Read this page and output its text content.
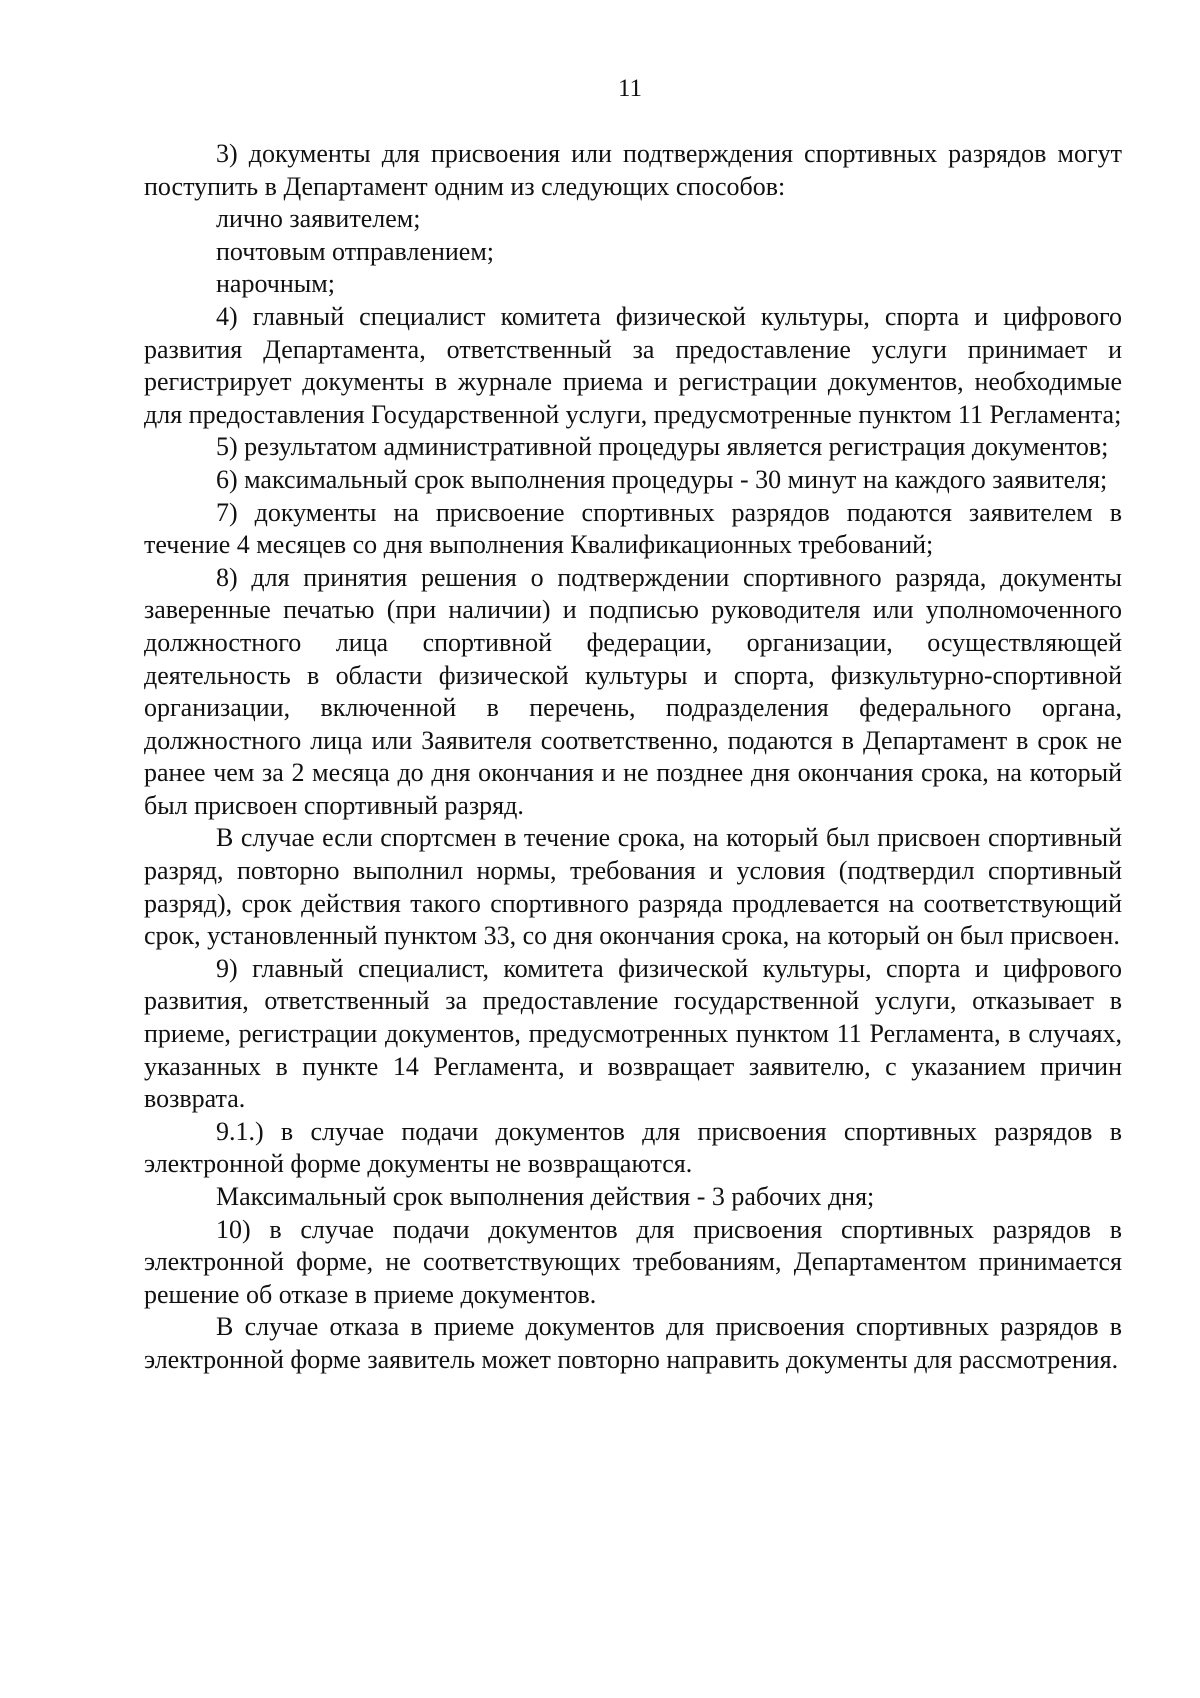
11

3) документы для присвоения или подтверждения спортивных разрядов могут поступить в Департамент одним из следующих способов:

лично заявителем;

почтовым отправлением;

нарочным;

4) главный специалист комитета физической культуры, спорта и цифрового развития Департамента, ответственный за предоставление услуги принимает и регистрирует документы в журнале приема и регистрации документов, необходимые для предоставления Государственной услуги, предусмотренные пунктом 11 Регламента;

5) результатом административной процедуры является регистрация документов;

6) максимальный срок выполнения процедуры - 30 минут на каждого заявителя;

7) документы на присвоение спортивных разрядов подаются заявителем в течение 4 месяцев со дня выполнения Квалификационных требований;

8) для принятия решения о подтверждении спортивного разряда, документы заверенные печатью (при наличии) и подписью руководителя или уполномоченного должностного лица спортивной федерации, организации, осуществляющей деятельность в области физической культуры и спорта, физкультурно-спортивной организации, включенной в перечень, подразделения федерального органа, должностного лица или Заявителя соответственно, подаются в Департамент в срок не ранее чем за 2 месяца до дня окончания и не позднее дня окончания срока, на который был присвоен спортивный разряд.

В случае если спортсмен в течение срока, на который был присвоен спортивный разряд, повторно выполнил нормы, требования и условия (подтвердил спортивный разряд), срок действия такого спортивного разряда продлевается на соответствующий срок, установленный пунктом 33, со дня окончания срока, на который он был присвоен.

9) главный специалист, комитета физической культуры, спорта и цифрового развития, ответственный за предоставление государственной услуги, отказывает в приеме, регистрации документов, предусмотренных пунктом 11 Регламента, в случаях, указанных в пункте 14 Регламента, и возвращает заявителю, с указанием причин возврата.

9.1.) в случае подачи документов для присвоения спортивных разрядов в электронной форме документы не возвращаются.

Максимальный срок выполнения действия - 3 рабочих дня;

10) в случае подачи документов для присвоения спортивных разрядов в электронной форме, не соответствующих требованиям, Департаментом принимается решение об отказе в приеме документов.

В случае отказа в приеме документов для присвоения спортивных разрядов в электронной форме заявитель может повторно направить документы для рассмотрения.
